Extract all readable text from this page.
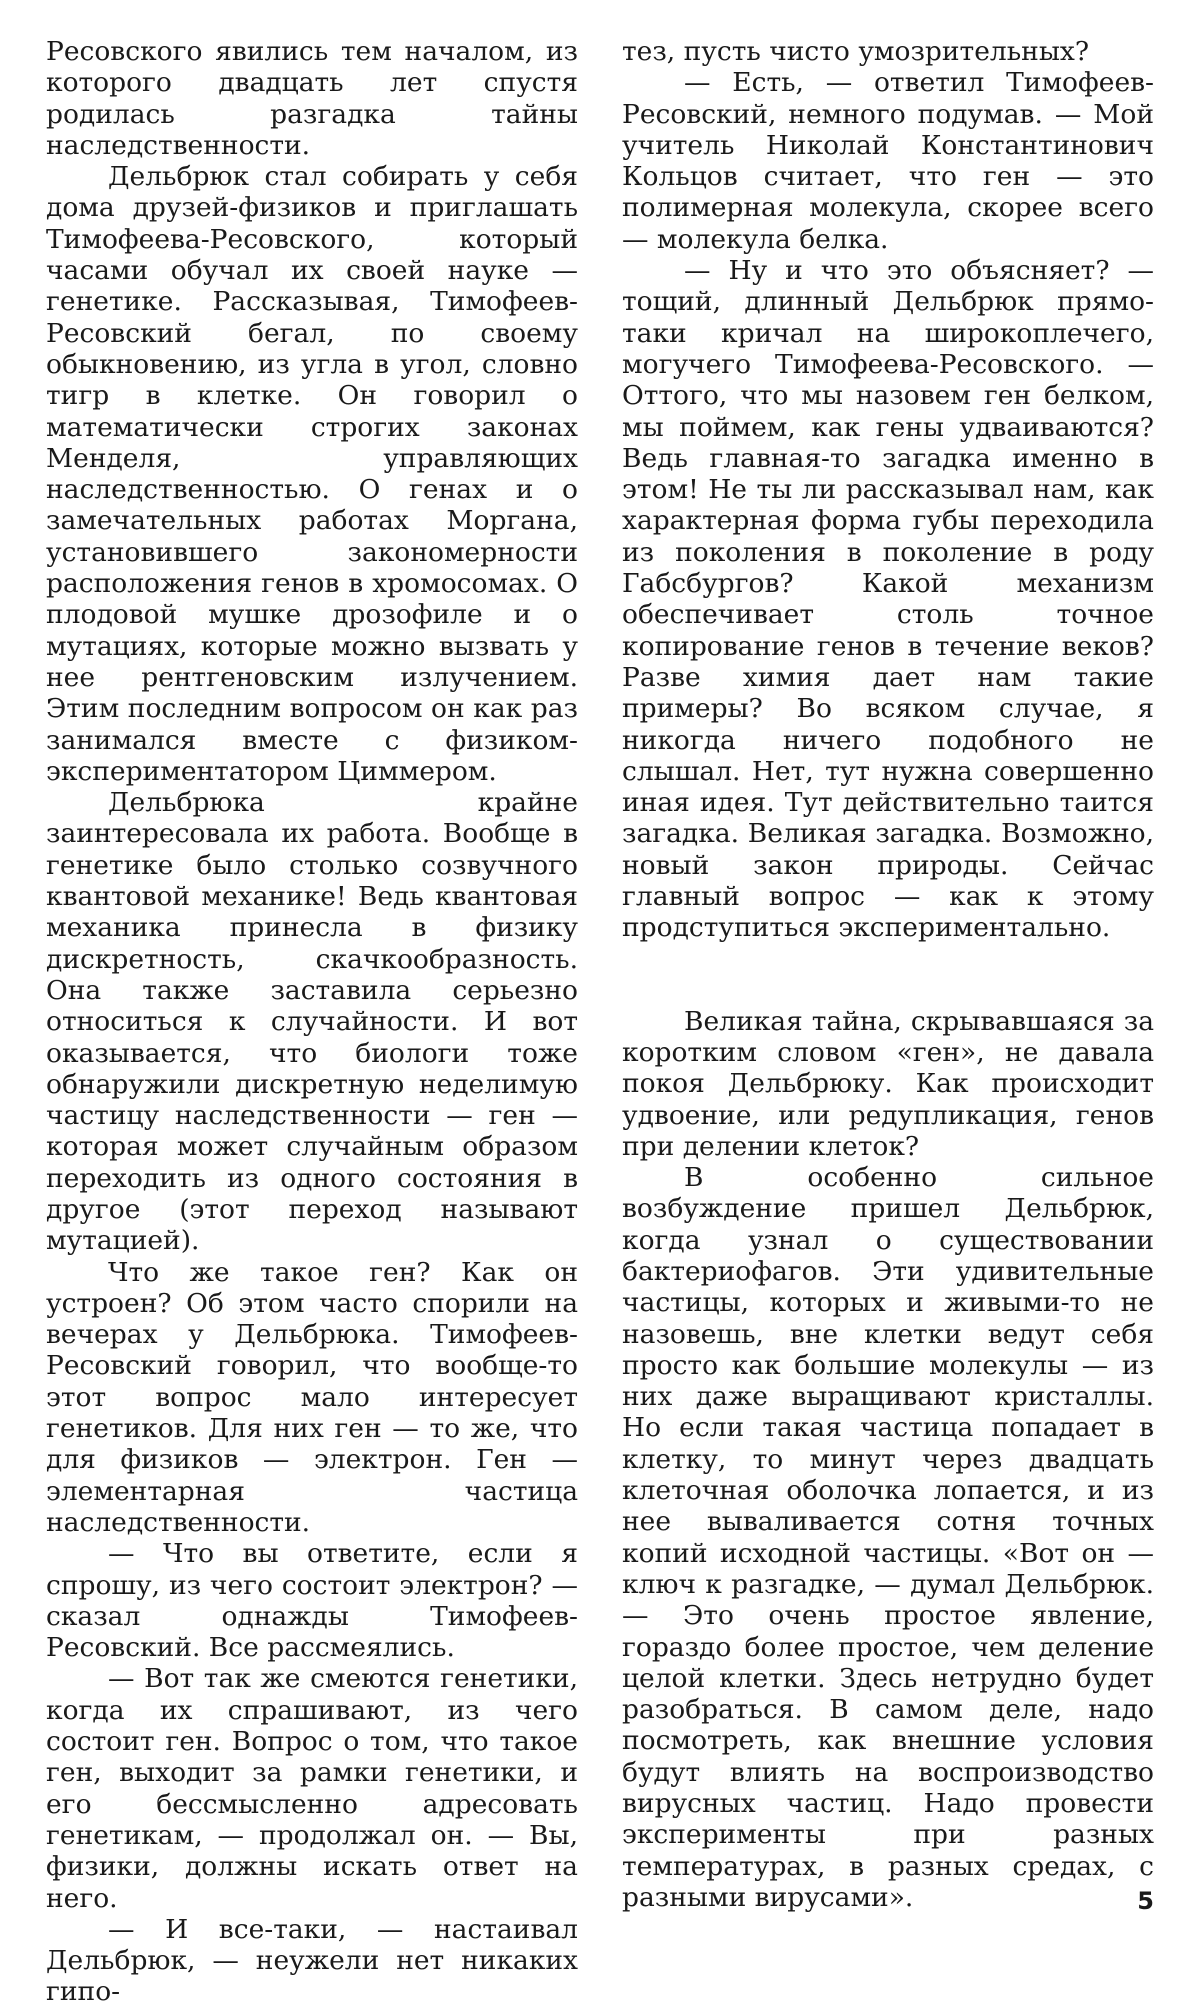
Ресовского явились тем началом, из которого двадцать лет спустя родилась разгадка тайны наследственности.

Дельбрюк стал собирать у себя дома друзей-физиков и приглашать Тимофеева-Ресовского, который часами обучал их своей науке — генетике. Рассказывая, Тимофеев-Ресовский бегал, по своему обыкновению, из угла в угол, словно тигр в клетке. Он говорил о математически строгих законах Менделя, управляющих наследственностью. О генах и о замечательных работах Моргана, установившего закономерности расположения генов в хромосомах. О плодовой мушке дрозофиле и о мутациях, которые можно вызвать у нее рентгеновским излучением. Этим последним вопросом он как раз занимался вместе с физиком-экспериментатором Циммером.

Дельбрюка крайне заинтересовала их работа. Вообще в генетике было столько созвучного квантовой механике! Ведь квантовая механика принесла в физику дискретность, скачкообразность. Она также заставила серьезно относиться к случайности. И вот оказывается, что биологи тоже обнаружили дискретную неделимую частицу наследственности — ген — которая может случайным образом переходить из одного состояния в другое (этот переход называют мутацией).

Что же такое ген? Как он устроен? Об этом часто спорили на вечерах у Дельбрюка. Тимофеев-Ресовский говорил, что вообще-то этот вопрос мало интересует генетиков. Для них ген — то же, что для физиков — электрон. Ген — элементарная частица наследственности.

— Что вы ответите, если я спрошу, из чего состоит электрон? — сказал однажды Тимофеев-Ресовский. Все рассмеялись.

— Вот так же смеются генетики, когда их спрашивают, из чего состоит ген. Вопрос о том, что такое ген, выходит за рамки генетики, и его бессмысленно адресовать генетикам, — продолжал он. — Вы, физики, должны искать ответ на него.

— И все-таки, — настаивал Дельбрюк, — неужели нет никаких гипо-

тез, пусть чисто умозрительных?

— Есть, — ответил Тимофеев-Ресовский, немного подумав. — Мой учитель Николай Константинович Кольцов считает, что ген — это полимерная молекула, скорее всего — молекула белка.

— Ну и что это объясняет? — тощий, длинный Дельбрюк прямо-таки кричал на широкоплечего, могучего Тимофеева-Ресовского. — Оттого, что мы назовем ген белком, мы поймем, как гены удваиваются? Ведь главная-то загадка именно в этом! Не ты ли рассказывал нам, как характерная форма губы переходила из поколения в поколение в роду Габсбургов? Какой механизм обеспечивает столь точное копирование генов в течение веков? Разве химия дает нам такие примеры? Во всяком случае, я никогда ничего подобного не слышал. Нет, тут нужна совершенно иная идея. Тут действительно таится загадка. Великая загадка. Возможно, новый закон природы. Сейчас главный вопрос — как к этому продступиться экспериментально.

Великая тайна, скрывавшаяся за коротким словом «ген», не давала покоя Дельбрюку. Как происходит удвоение, или редупликация, генов при делении клеток?

В особенно сильное возбуждение пришел Дельбрюк, когда узнал о существовании бактериофагов. Эти удивительные частицы, которых и живыми-то не назовешь, вне клетки ведут себя просто как большие молекулы — из них даже выращивают кристаллы. Но если такая частица попадает в клетку, то минут через двадцать клеточная оболочка лопается, и из нее вываливается сотня точных копий исходной частицы. «Вот он — ключ к разгадке, — думал Дельбрюк. — Это очень простое явление, гораздо более простое, чем деление целой клетки. Здесь нетрудно будет разобраться. В самом деле, надо посмотреть, как внешние условия будут влиять на воспроизводство вирусных частиц. Надо провести эксперименты при разных температурах, в разных средах, с разными вирусами».	5
